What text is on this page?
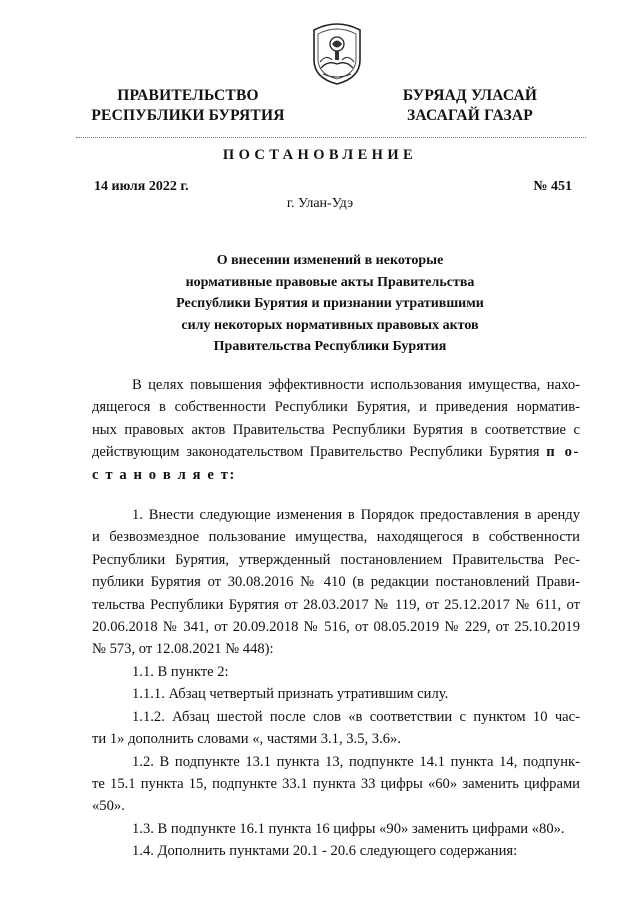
ПРАВИТЕЛЬСТВО
РЕСПУБЛИКИ БУРЯТИЯ
БУРЯАД УЛАСАЙ
ЗАСАГАЙ ГАЗАР
ПОСТАНОВЛЕНИЕ
14 июля 2022 г.	№ 451
г. Улан-Удэ
О внесении изменений в некоторые
нормативные правовые акты Правительства
Республики Бурятия и признании утратившими
силу некоторых нормативных правовых актов
Правительства Республики Бурятия
В целях повышения эффективности использования имущества, нахо-
дящегося в собственности Республики Бурятия, и приведения норматив-
ных правовых актов Правительства Республики Бурятия в соответствие с
действующим законодательством Правительство Республики Бурятия п о-
с т а н о в л я е т:
1. Внести следующие изменения в Порядок предоставления в аренду
и безвозмездное пользование имущества, находящегося в собственности
Республики Бурятия, утвержденный постановлением Правительства Рес-
публики Бурятия от 30.08.2016 № 410 (в редакции постановлений Прави-
тельства Республики Бурятия от 28.03.2017 № 119, от 25.12.2017 № 611, от
20.06.2018 № 341, от 20.09.2018 № 516, от 08.05.2019 № 229, от 25.10.2019
№ 573, от 12.08.2021 № 448):
1.1. В пункте 2:
1.1.1. Абзац четвертый признать утратившим силу.
1.1.2. Абзац шестой после слов «в соответствии с пунктом 10 час-
ти 1» дополнить словами «, частями 3.1, 3.5, 3.6».
1.2. В подпункте 13.1 пункта 13, подпункте 14.1 пункта 14, подпунк-
те 15.1 пункта 15, подпункте 33.1 пункта 33 цифры «60» заменить цифрами
«50».
1.3. В подпункте 16.1 пункта 16 цифры «90» заменить цифрами «80».
1.4. Дополнить пунктами 20.1 - 20.6 следующего содержания:
